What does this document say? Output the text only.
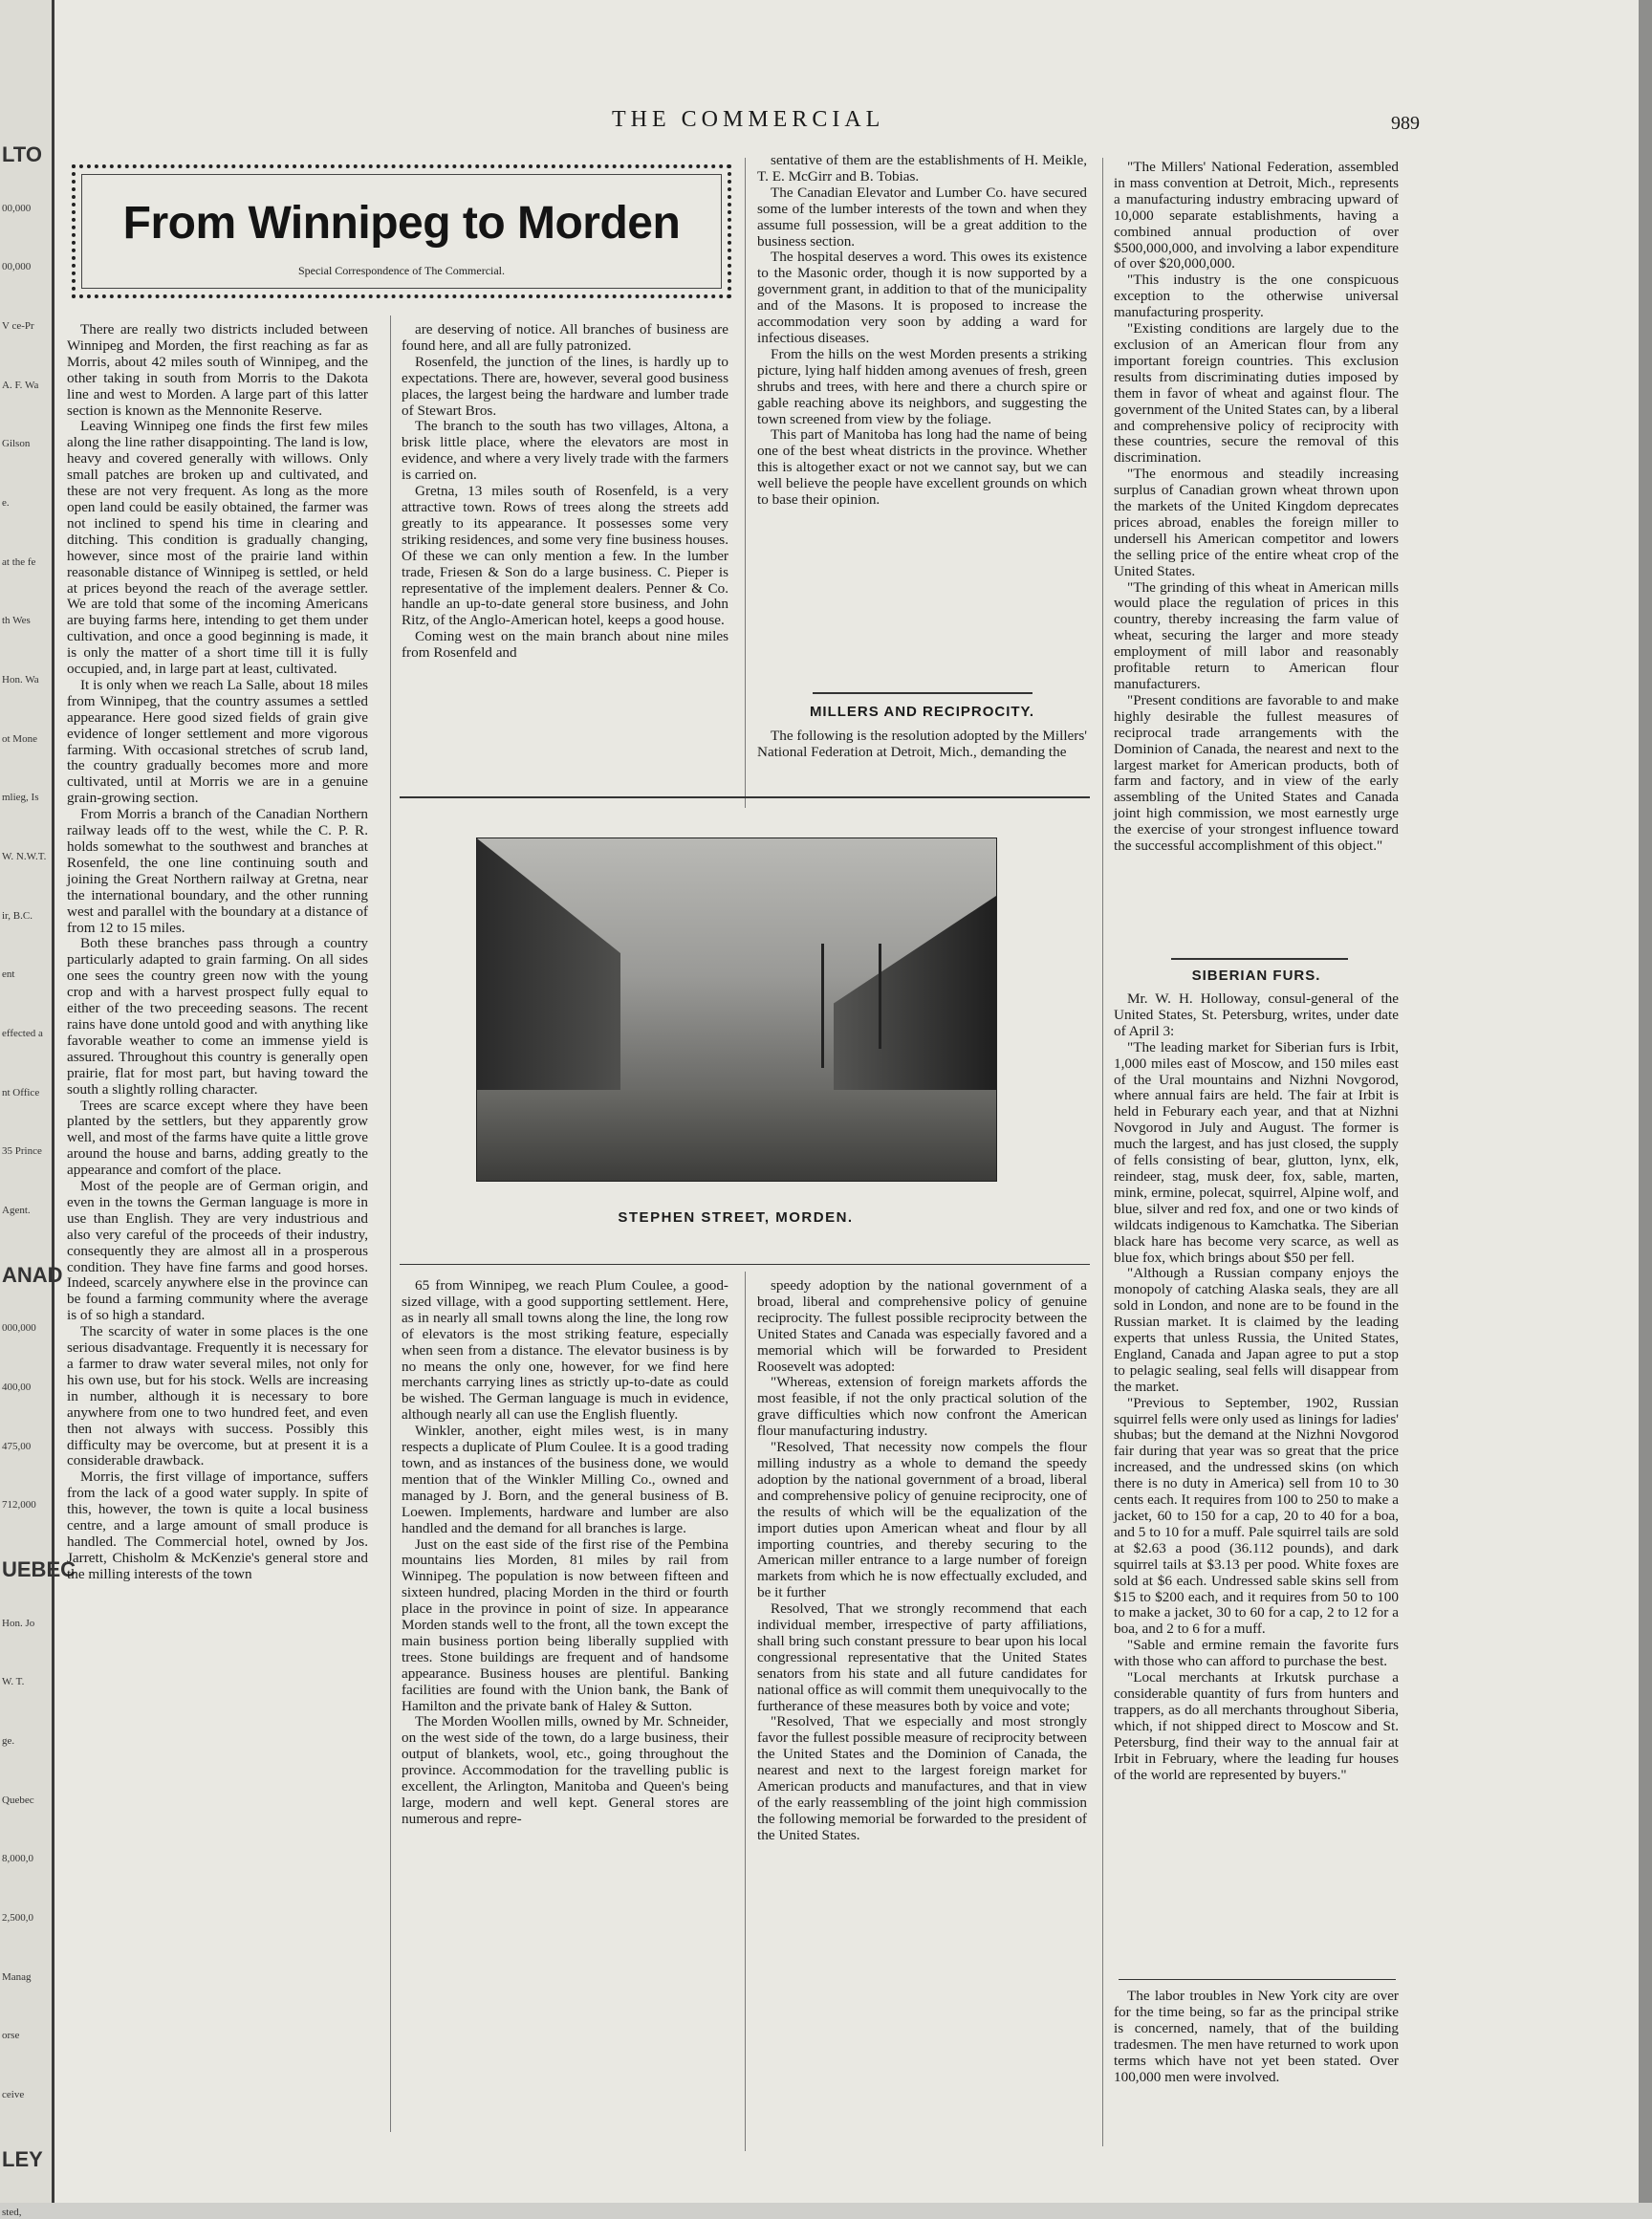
LTO
00,000
00,000
V ce-Pr
A. F. Wa
Gilson
e.
at the fe
th Wes
Hon. Wa
ot Mone
mlieg, Is
W. N.W.T.
ir, B.C.
ent
effected a
nt Office
35 Prince
Agent.
ANAD
000,000
400,00
475,00
712,000
UEBEC
Hon. Jo
W. T.
ge.
Quebec
8,000,0
2,500,0
Manag
orse
ceive
LEY
sted,
THE COMMERCIAL	989
From Winnipeg to Morden
Special Correspondence of The Commercial.

There are really two districts included between Winnipeg and Morden, the first reaching as far as Morris, about 42 miles south of Winnipeg, and the other taking in south from Morris to the Dakota line and west to Morden. A large part of this latter section is known as the Mennonite Reserve.

Leaving Winnipeg one finds the first few miles along the line rather disappointing. The land is low, heavy and covered generally with willows. Only small patches are broken up and cultivated, and these are not very frequent. As long as the more open land could be easily obtained, the farmer was not inclined to spend his time in clearing and ditching. This condition is gradually changing, however, since most of the prairie land within reasonable distance of Winnipeg is settled, or held at prices beyond the reach of the average settler. We are told that some of the incoming Americans are buying farms here, intending to get them under cultivation, and once a good beginning is made, it is only the matter of a short time till it is fully occupied, and, in large part at least, cultivated.

It is only when we reach La Salle, about 18 miles from Winnipeg, that the country assumes a settled appearance. Here good sized fields of grain give evidence of longer settlement and more vigorous farming. With occasional stretches of scrub land, the country gradually becomes more and more cultivated, until at Morris we are in a genuine grain-growing section.

From Morris a branch of the Canadian Northern railway leads off to the west, while the C. P. R. holds somewhat to the southwest and branches at Rosenfeld, the one line continuing south and joining the Great Northern railway at Gretna, near the international boundary, and the other running west and parallel with the boundary at a distance of from 12 to 15 miles.

Both these branches pass through a country particularly adapted to grain farming. On all sides one sees the country green now with the young crop and with a harvest prospect fully equal to either of the two preceeding seasons. The recent rains have done untold good and with anything like favorable weather to come an immense yield is assured. Throughout this country is generally open prairie, flat for most part, but having toward the south a slightly rolling character.

Trees are scarce except where they have been planted by the settlers, but they apparently grow well, and most of the farms have quite a little grove around the house and barns, adding greatly to the appearance and comfort of the place.

Most of the people are of German origin, and even in the towns the German language is more in use than English. They are very industrious and also very careful of the proceeds of their industry, consequently they are almost all in a prosperous condition. They have fine farms and good horses. Indeed, scarcely anywhere else in the province can be found a farming community where the average is of so high a standard.

The scarcity of water in some places is the one serious disadvantage. Frequently it is necessary for a farmer to draw water several miles, not only for his own use, but for his stock. Wells are increasing in number, although it is necessary to bore anywhere from one to two hundred feet, and even then not always with success. Possibly this difficulty may be overcome, but at present it is a considerable drawback.

Morris, the first village of importance, suffers from the lack of a good water supply. In spite of this, however, the town is quite a local business centre, and a large amount of small produce is handled. The Commercial hotel, owned by Jos. Jarrett, Chisholm & McKenzie's general store and the milling interests of the town

are deserving of notice. All branches of business are found here, and all are fully patronized.

Rosenfeld, the junction of the lines, is hardly up to expectations. There are, however, several good business places, the largest being the hardware and lumber trade of Stewart Bros.

The branch to the south has two villages, Altona, a brisk little place, where the elevators are most in evidence, and where a very lively trade with the farmers is carried on.

Gretna, 13 miles south of Rosenfeld, is a very attractive town. Rows of trees along the streets add greatly to its appearance. It possesses some very striking residences, and some very fine business houses. Of these we can only mention a few. In the lumber trade, Friesen & Son do a large business. C. Pieper is representative of the implement dealers. Penner & Co. handle an up-to-date general store business, and John Ritz, of the Anglo-American hotel, keeps a good house.

Coming west on the main branch about nine miles from Rosenfeld and

sentative of them are the establishments of H. Meikle, T. E. McGirr and B. Tobias.

The Canadian Elevator and Lumber Co. have secured some of the lumber interests of the town and when they assume full possession, will be a great addition to the business section.

The hospital deserves a word. This owes its existence to the Masonic order, though it is now supported by a government grant, in addition to that of the municipality and of the Masons. It is proposed to increase the accommodation very soon by adding a ward for infectious diseases.

From the hills on the west Morden presents a striking picture, lying half hidden among avenues of fresh, green shrubs and trees, with here and there a church spire or gable reaching above its neighbors, and suggesting the town screened from view by the foliage.

This part of Manitoba has long had the name of being one of the best wheat districts in the province. Whether this is altogether exact or not we cannot say, but we can well believe the people have excellent grounds on which to base their opinion.

MILLERS AND RECIPROCITY.

The following is the resolution adopted by the Millers' National Federation at Detroit, Mich., demanding the

"The Millers' National Federation, assembled in mass convention at Detroit, Mich., represents a manufacturing industry embracing upward of 10,000 separate establishments, having a combined annual production of over $500,000,000, and involving a labor expenditure of over $20,000,000.

"This industry is the one conspicuous exception to the otherwise universal manufacturing prosperity.

"Existing conditions are largely due to the exclusion of an American flour from any important foreign countries. This exclusion results from discriminating duties imposed by them in favor of wheat and against flour. The government of the United States can, by a liberal and comprehensive policy of reciprocity with these countries, secure the removal of this discrimination.

"The enormous and steadily increasing surplus of Canadian grown wheat thrown upon the markets of the United Kingdom deprecates prices abroad, enables the foreign miller to undersell his American competitor and lowers the selling price of the entire wheat crop of the United States.

"The grinding of this wheat in American mills would place the regulation of prices in this country, thereby increasing the farm value of wheat, securing the larger and more steady employment of mill labor and reasonably profitable return to American flour manufacturers.

"Present conditions are favorable to and make highly desirable the fullest measures of reciprocal trade arrangements with the Dominion of Canada, the nearest and next to the largest market for American products, both of farm and factory, and in view of the early assembling of the United States and Canada joint high commission, we most earnestly urge the exercise of your strongest influence toward the successful accomplishment of this object."

SIBERIAN FURS.

Mr. W. H. Holloway, consul-general of the United States, St. Petersburg, writes, under date of April 3:

"The leading market for Siberian furs is Irbit, 1,000 miles east of Moscow, and 150 miles east of the Ural mountains and Nizhni Novgorod, where annual fairs are held. The fair at Irbit is held in Feburary each year, and that at Nizhni Novgorod in July and August. The former is much the largest, and has just closed, the supply of fells consisting of bear, glutton, lynx, elk, reindeer, stag, musk deer, fox, sable, marten, mink, ermine, polecat, squirrel, Alpine wolf, and blue, silver and red fox, and one or two kinds of wildcats indigenous to Kamchatka. The Siberian black hare has become very scarce, as well as blue fox, which brings about $50 per fell.

"Although a Russian company enjoys the monopoly of catching Alaska seals, they are all sold in London, and none are to be found in the Russian market. It is claimed by the leading experts that unless Russia, the United States, England, Canada and Japan agree to put a stop to pelagic sealing, seal fells will disappear from the market.

"Previous to September, 1902, Russian squirrel fells were only used as linings for ladies' shubas; but the demand at the Nizhni Novgorod fair during that year was so great that the price increased, and the undressed skins (on which there is no duty in America) sell from 10 to 30 cents each. It requires from 100 to 250 to make a jacket, 60 to 150 for a cap, 20 to 40 for a boa, and 5 to 10 for a muff. Pale squirrel tails are sold at $2.63 a pood (36.112 pounds), and dark squirrel tails at $3.13 per pood. White foxes are sold at $6 each. Undressed sable skins sell from $15 to $200 each, and it requires from 50 to 100 to make a jacket, 30 to 60 for a cap, 2 to 12 for a boa, and 2 to 6 for a muff.

"Sable and ermine remain the favorite furs with those who can afford to purchase the best.

"Local merchants at Irkutsk purchase a considerable quantity of furs from hunters and trappers, as do all merchants throughout Siberia, which, if not shipped direct to Moscow and St. Petersburg, find their way to the annual fair at Irbit in February, where the leading fur houses of the world are represented by buyers."

The labor troubles in New York city are over for the time being, so far as the principal strike is concerned, namely, that of the building tradesmen. The men have returned to work upon terms which have not yet been stated. Over 100,000 men were involved.

STEPHEN STREET, MORDEN.

65 from Winnipeg, we reach Plum Coulee, a good-sized village, with a good supporting settlement. Here, as in nearly all small towns along the line, the long row of elevators is the most striking feature, especially when seen from a distance. The elevator business is by no means the only one, however, for we find here merchants carrying lines as strictly up-to-date as could be wished. The German language is much in evidence, although nearly all can use the English fluently.

Winkler, another, eight miles west, is in many respects a duplicate of Plum Coulee. It is a good trading town, and as instances of the business done, we would mention that of the Winkler Milling Co., owned and managed by J. Born, and the general business of B. Loewen. Implements, hardware and lumber are also handled and the demand for all branches is large.

Just on the east side of the first rise of the Pembina mountains lies Morden, 81 miles by rail from Winnipeg. The population is now between fifteen and sixteen hundred, placing Morden in the third or fourth place in the province in point of size. In appearance Morden stands well to the front, all the town except the main business portion being liberally supplied with trees. Stone buildings are frequent and of handsome appearance. Business houses are plentiful. Banking facilities are found with the Union bank, the Bank of Hamilton and the private bank of Haley & Sutton.

The Morden Woollen mills, owned by Mr. Schneider, on the west side of the town, do a large business, their output of blankets, wool, etc., going throughout the province. Accommodation for the travelling public is excellent, the Arlington, Manitoba and Queen's being large, modern and well kept. General stores are numerous and repre-

speedy adoption by the national government of a broad, liberal and comprehensive policy of genuine reciprocity. The fullest possible reciprocity between the United States and Canada was especially favored and a memorial which will be forwarded to President Roosevelt was adopted:

"Whereas, extension of foreign markets affords the most feasible, if not the only practical solution of the grave difficulties which now confront the American flour manufacturing industry.

"Resolved, That necessity now compels the flour milling industry as a whole to demand the speedy adoption by the national government of a broad, liberal and comprehensive policy of genuine reciprocity, one of the results of which will be the equalization of the import duties upon American wheat and flour by all importing countries, and thereby securing to the American miller entrance to a large number of foreign markets from which he is now effectually excluded, and be it further

Resolved, That we strongly recommend that each individual member, irrespective of party affiliations, shall bring such constant pressure to bear upon his local congressional representative that the United States senators from his state and all future candidates for national office as will commit them unequivocally to the furtherance of these measures both by voice and vote;

"Resolved, That we especially and most strongly favor the fullest possible measure of reciprocity between the United States and the Dominion of Canada, the nearest and next to the largest foreign market for American products and manufactures, and that in view of the early reassembling of the joint high commission the following memorial be forwarded to the president of the United States.
